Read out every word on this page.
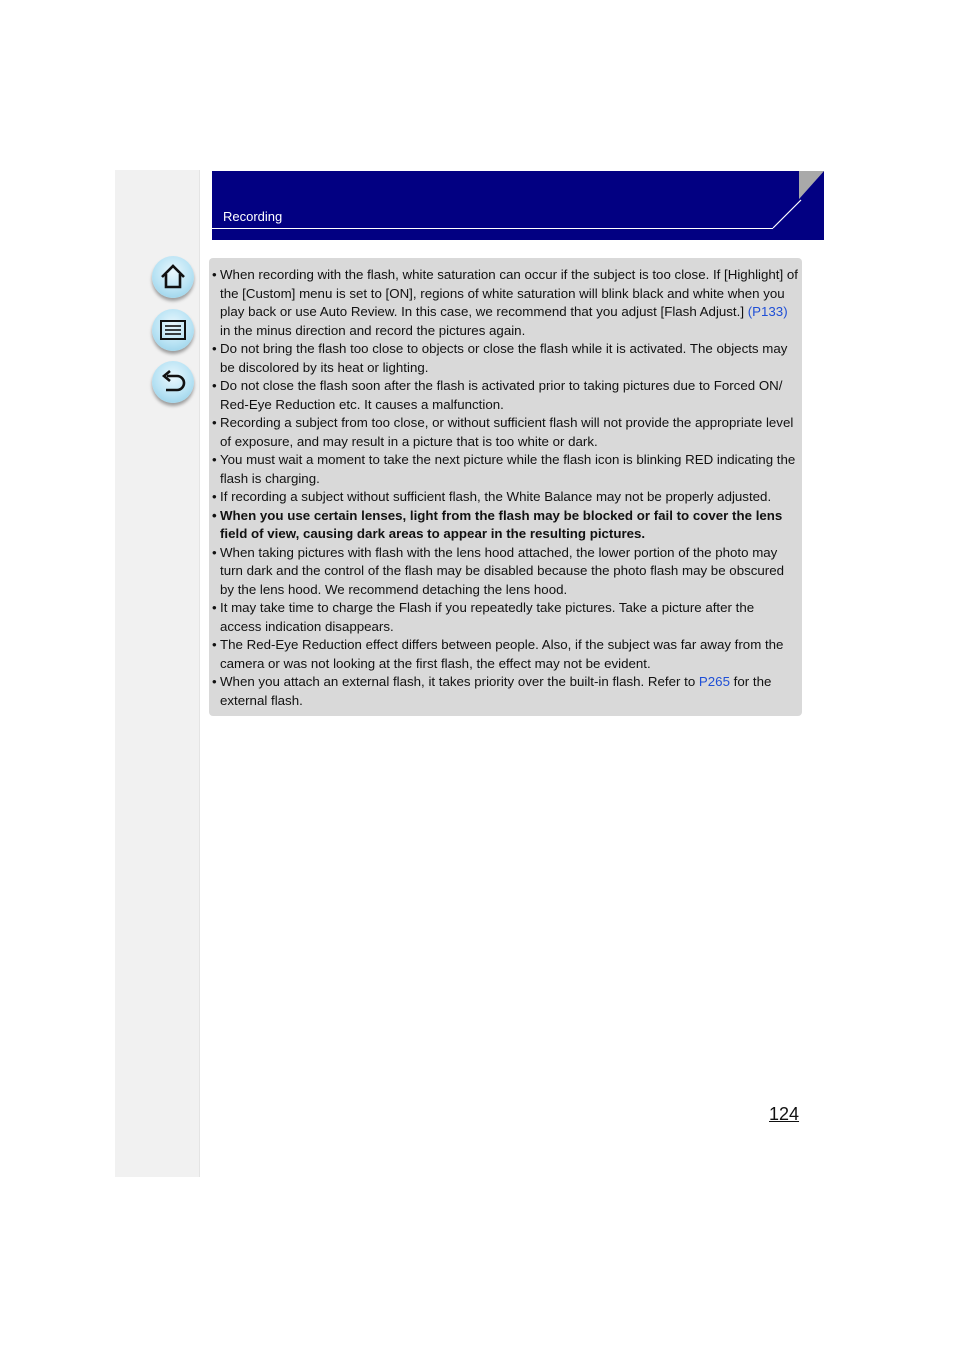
Recording
• When recording with the flash, white saturation can occur if the subject is too close. If [Highlight] of the [Custom] menu is set to [ON], regions of white saturation will blink black and white when you play back or use Auto Review. In this case, we recommend that you adjust [Flash Adjust.] (P133) in the minus direction and record the pictures again.
• Do not bring the flash too close to objects or close the flash while it is activated. The objects may be discolored by its heat or lighting.
• Do not close the flash soon after the flash is activated prior to taking pictures due to Forced ON/ Red-Eye Reduction etc. It causes a malfunction.
• Recording a subject from too close, or without sufficient flash will not provide the appropriate level of exposure, and may result in a picture that is too white or dark.
• You must wait a moment to take the next picture while the flash icon is blinking RED indicating the flash is charging.
• If recording a subject without sufficient flash, the White Balance may not be properly adjusted.
• When you use certain lenses, light from the flash may be blocked or fail to cover the lens field of view, causing dark areas to appear in the resulting pictures.
• When taking pictures with flash with the lens hood attached, the lower portion of the photo may turn dark and the control of the flash may be disabled because the photo flash may be obscured by the lens hood. We recommend detaching the lens hood.
• It may take time to charge the Flash if you repeatedly take pictures. Take a picture after the access indication disappears.
• The Red-Eye Reduction effect differs between people. Also, if the subject was far away from the camera or was not looking at the first flash, the effect may not be evident.
• When you attach an external flash, it takes priority over the built-in flash. Refer to P265 for the external flash.
124
